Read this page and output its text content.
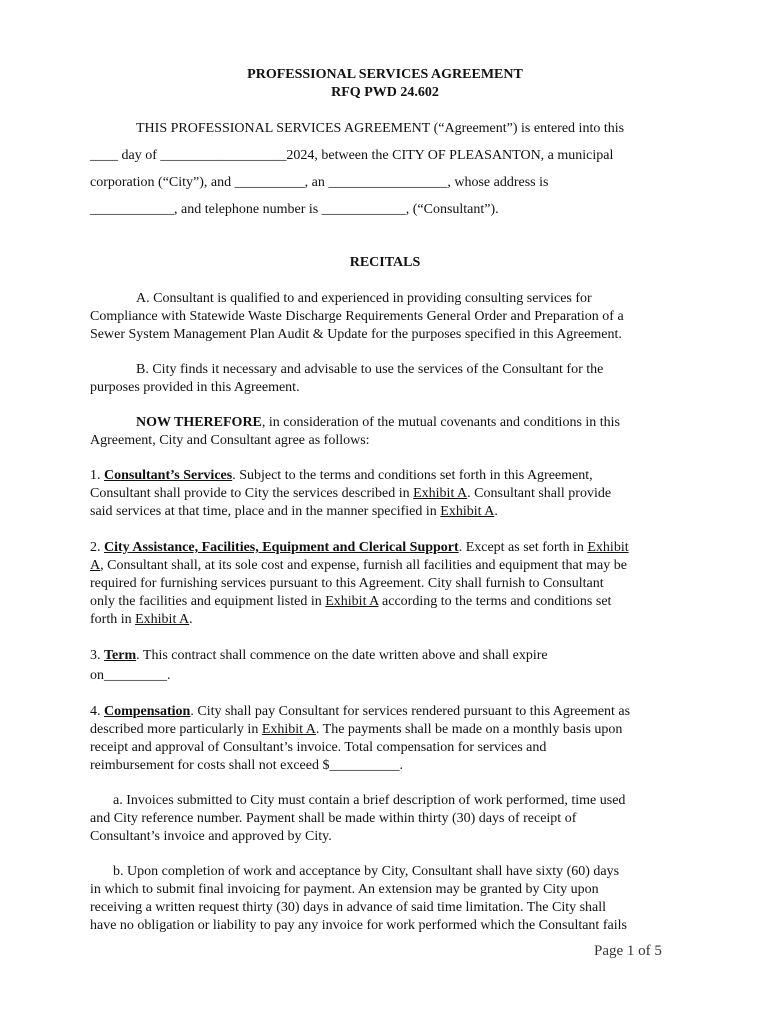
PROFESSIONAL SERVICES AGREEMENT
RFQ PWD 24.602
THIS PROFESSIONAL SERVICES AGREEMENT (“Agreement”) is entered into this
____ day of __________________2024, between the CITY OF PLEASANTON, a municipal
corporation (“City”), and __________, an _________________, whose address is
____________, and telephone number is ____________, (“Consultant”).
RECITALS
A. Consultant is qualified to and experienced in providing consulting services for
Compliance with Statewide Waste Discharge Requirements General Order and Preparation of a
Sewer System Management Plan Audit & Update for the purposes specified in this Agreement.
B. City finds it necessary and advisable to use the services of the Consultant for the
purposes provided in this Agreement.
NOW THEREFORE, in consideration of the mutual covenants and conditions in this
Agreement, City and Consultant agree as follows:
1. Consultant’s Services. Subject to the terms and conditions set forth in this Agreement,
Consultant shall provide to City the services described in Exhibit A. Consultant shall provide
said services at that time, place and in the manner specified in Exhibit A.
2. City Assistance, Facilities, Equipment and Clerical Support. Except as set forth in Exhibit
A, Consultant shall, at its sole cost and expense, furnish all facilities and equipment that may be
required for furnishing services pursuant to this Agreement. City shall furnish to Consultant
only the facilities and equipment listed in Exhibit A according to the terms and conditions set
forth in Exhibit A.
3. Term. This contract shall commence on the date written above and shall expire
on_________.
4. Compensation. City shall pay Consultant for services rendered pursuant to this Agreement as
described more particularly in Exhibit A. The payments shall be made on a monthly basis upon
receipt and approval of Consultant’s invoice. Total compensation for services and
reimbursement for costs shall not exceed $__________.
a. Invoices submitted to City must contain a brief description of work performed, time used
and City reference number. Payment shall be made within thirty (30) days of receipt of
Consultant’s invoice and approved by City.
b. Upon completion of work and acceptance by City, Consultant shall have sixty (60) days
in which to submit final invoicing for payment. An extension may be granted by City upon
receiving a written request thirty (30) days in advance of said time limitation. The City shall
have no obligation or liability to pay any invoice for work performed which the Consultant fails
Page 1 of 5
